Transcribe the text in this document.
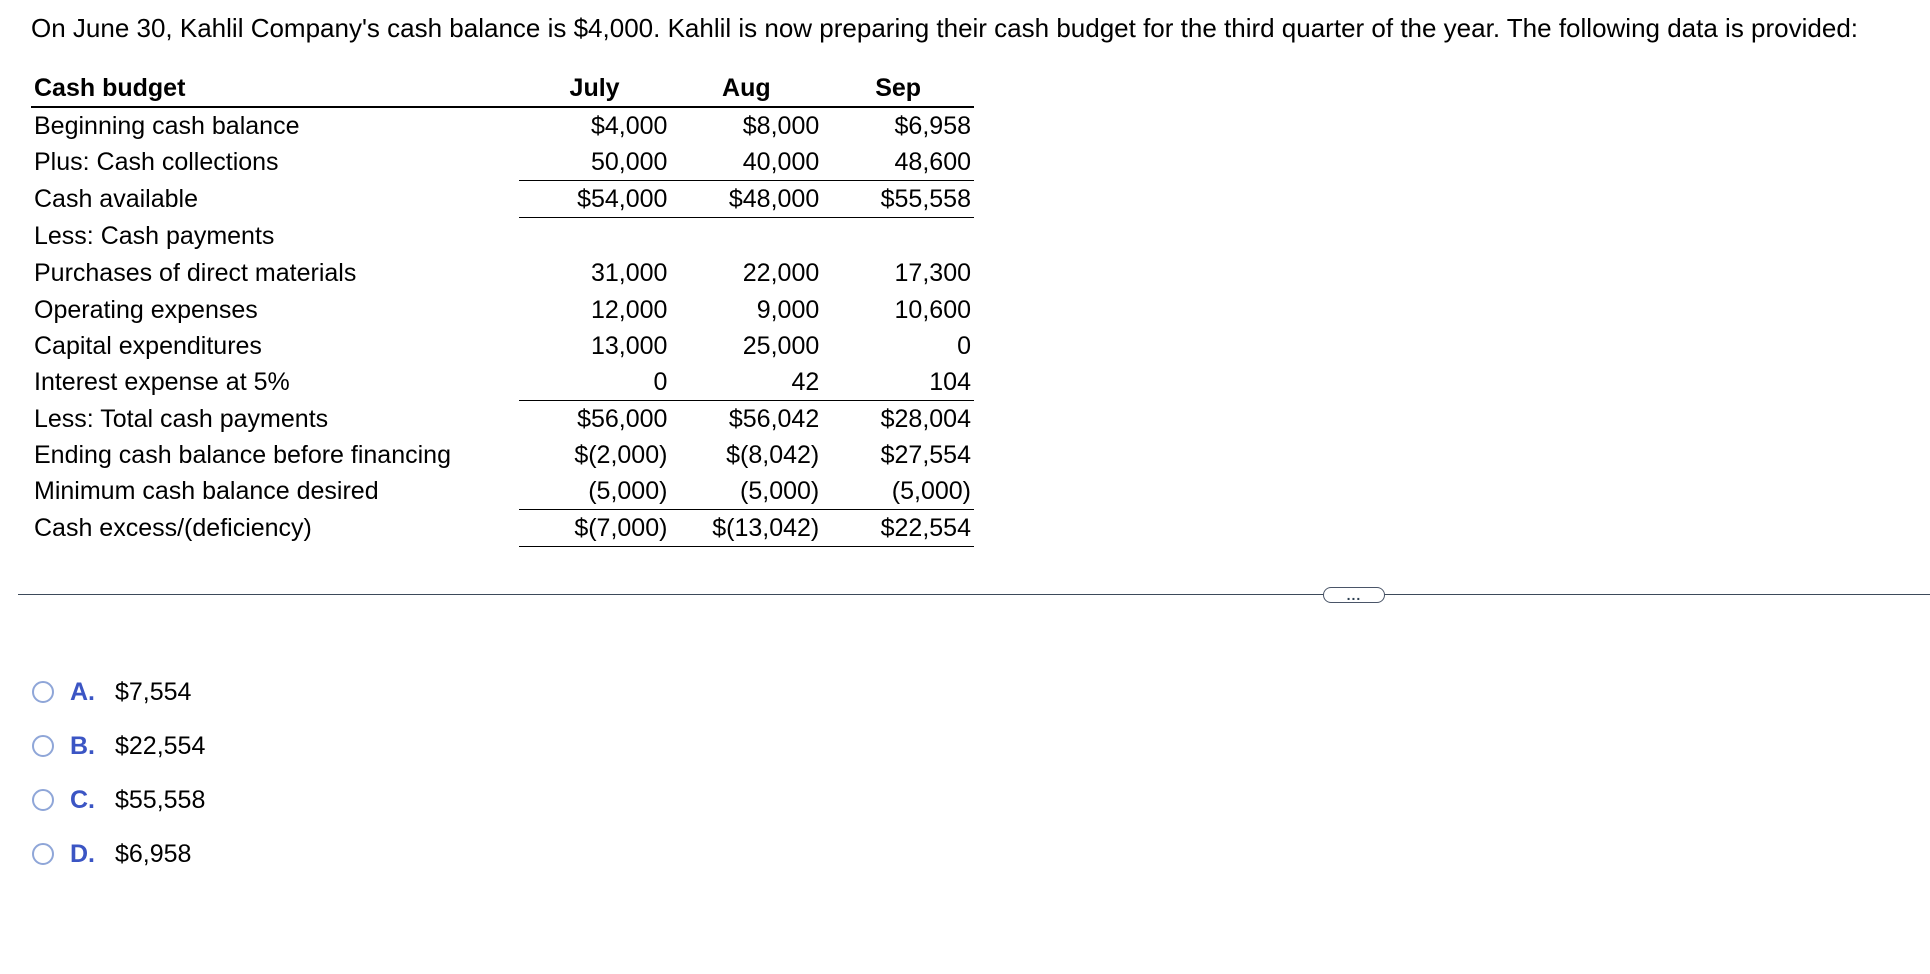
On June 30, Kahlil Company's cash balance is $4,000. Kahlil is now preparing their cash budget for the third quarter of the year. The following data is provided:
Cash budget	July	Aug	Sep
Beginning cash balance	$4,000	$8,000	$6,958
Plus: Cash collections	50,000	40,000	48,600
Cash available	$54,000	$48,000	$55,558
Less: Cash payments			
Purchases of direct materials	31,000	22,000	17,300
Operating expenses	12,000	9,000	10,600
Capital expenditures	13,000	25,000	0
Interest expense at 5%	0	42	104
Less: Total cash payments	$56,000	$56,042	$28,004
Ending cash balance before financing	$(2,000)	$(8,042)	$27,554
Minimum cash balance desired	(5,000)	(5,000)	(5,000)
Cash excess/(deficiency)	$(7,000)	$(13,042)	$22,554
...
A. $7,554
B. $22,554
C. $55,558
D. $6,958
